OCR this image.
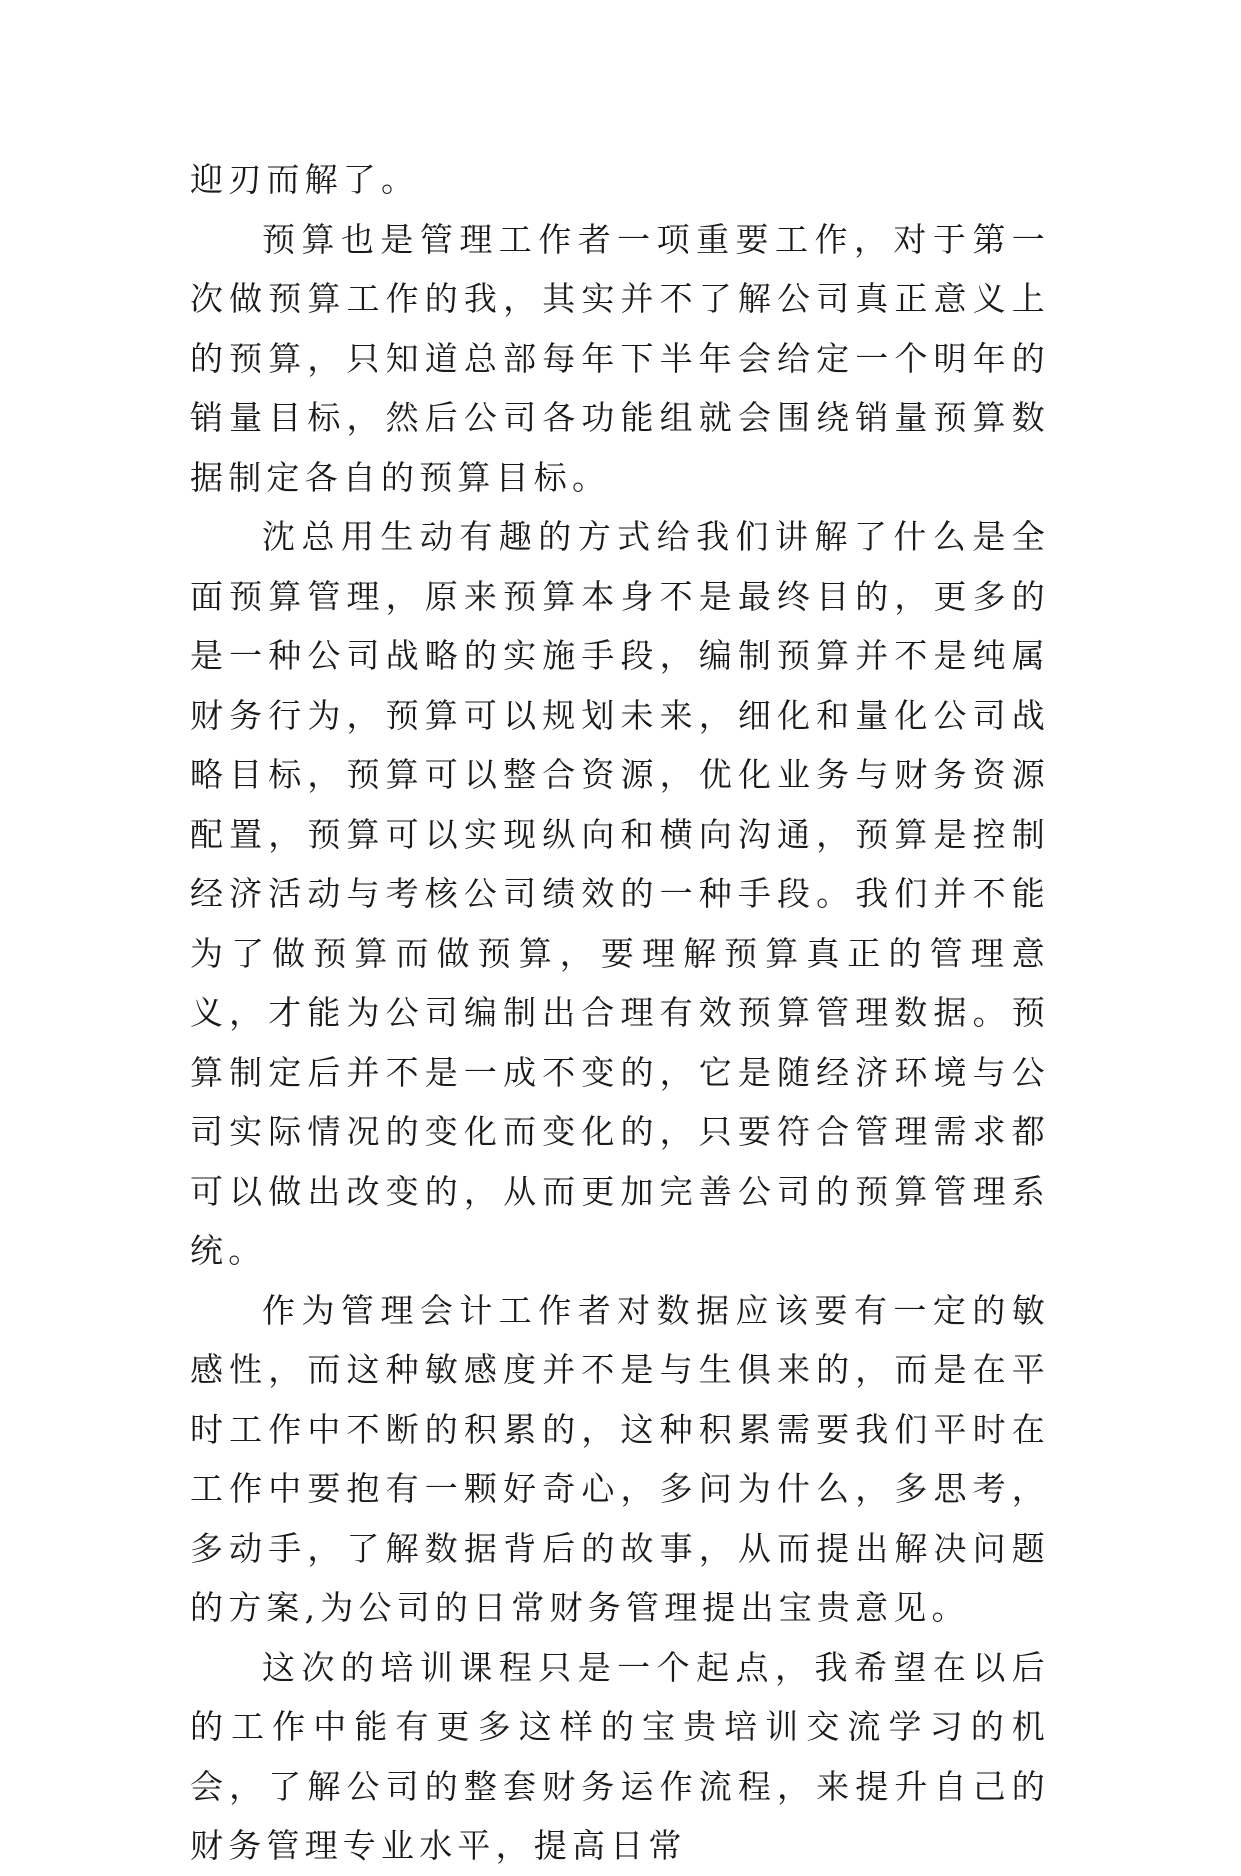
迎刃而解了。

预算也是管理工作者一项重要工作，对于第一次做预算工作的我，其实并不了解公司真正意义上的预算，只知道总部每年下半年会给定一个明年的销量目标，然后公司各功能组就会围绕销量预算数据制定各自的预算目标。

沈总用生动有趣的方式给我们讲解了什么是全面预算管理，原来预算本身不是最终目的，更多的是一种公司战略的实施手段，编制预算并不是纯属财务行为，预算可以规划未来，细化和量化公司战略目标，预算可以整合资源，优化业务与财务资源配置，预算可以实现纵向和横向沟通，预算是控制经济活动与考核公司绩效的一种手段。我们并不能为了做预算而做预算，要理解预算真正的管理意义，才能为公司编制出合理有效预算管理数据。预算制定后并不是一成不变的，它是随经济环境与公司实际情况的变化而变化的，只要符合管理需求都可以做出改变的，从而更加完善公司的预算管理系统。

作为管理会计工作者对数据应该要有一定的敏感性，而这种敏感度并不是与生俱来的，而是在平时工作中不断的积累的，这种积累需要我们平时在工作中要抱有一颗好奇心，多问为什么，多思考，多动手，了解数据背后的故事，从而提出解决问题的方案,为公司的日常财务管理提出宝贵意见。

这次的培训课程只是一个起点，我希望在以后的工作中能有更多这样的宝贵培训交流学习的机会，了解公司的整套财务运作流程，来提升自己的财务管理专业水平，提高日常
